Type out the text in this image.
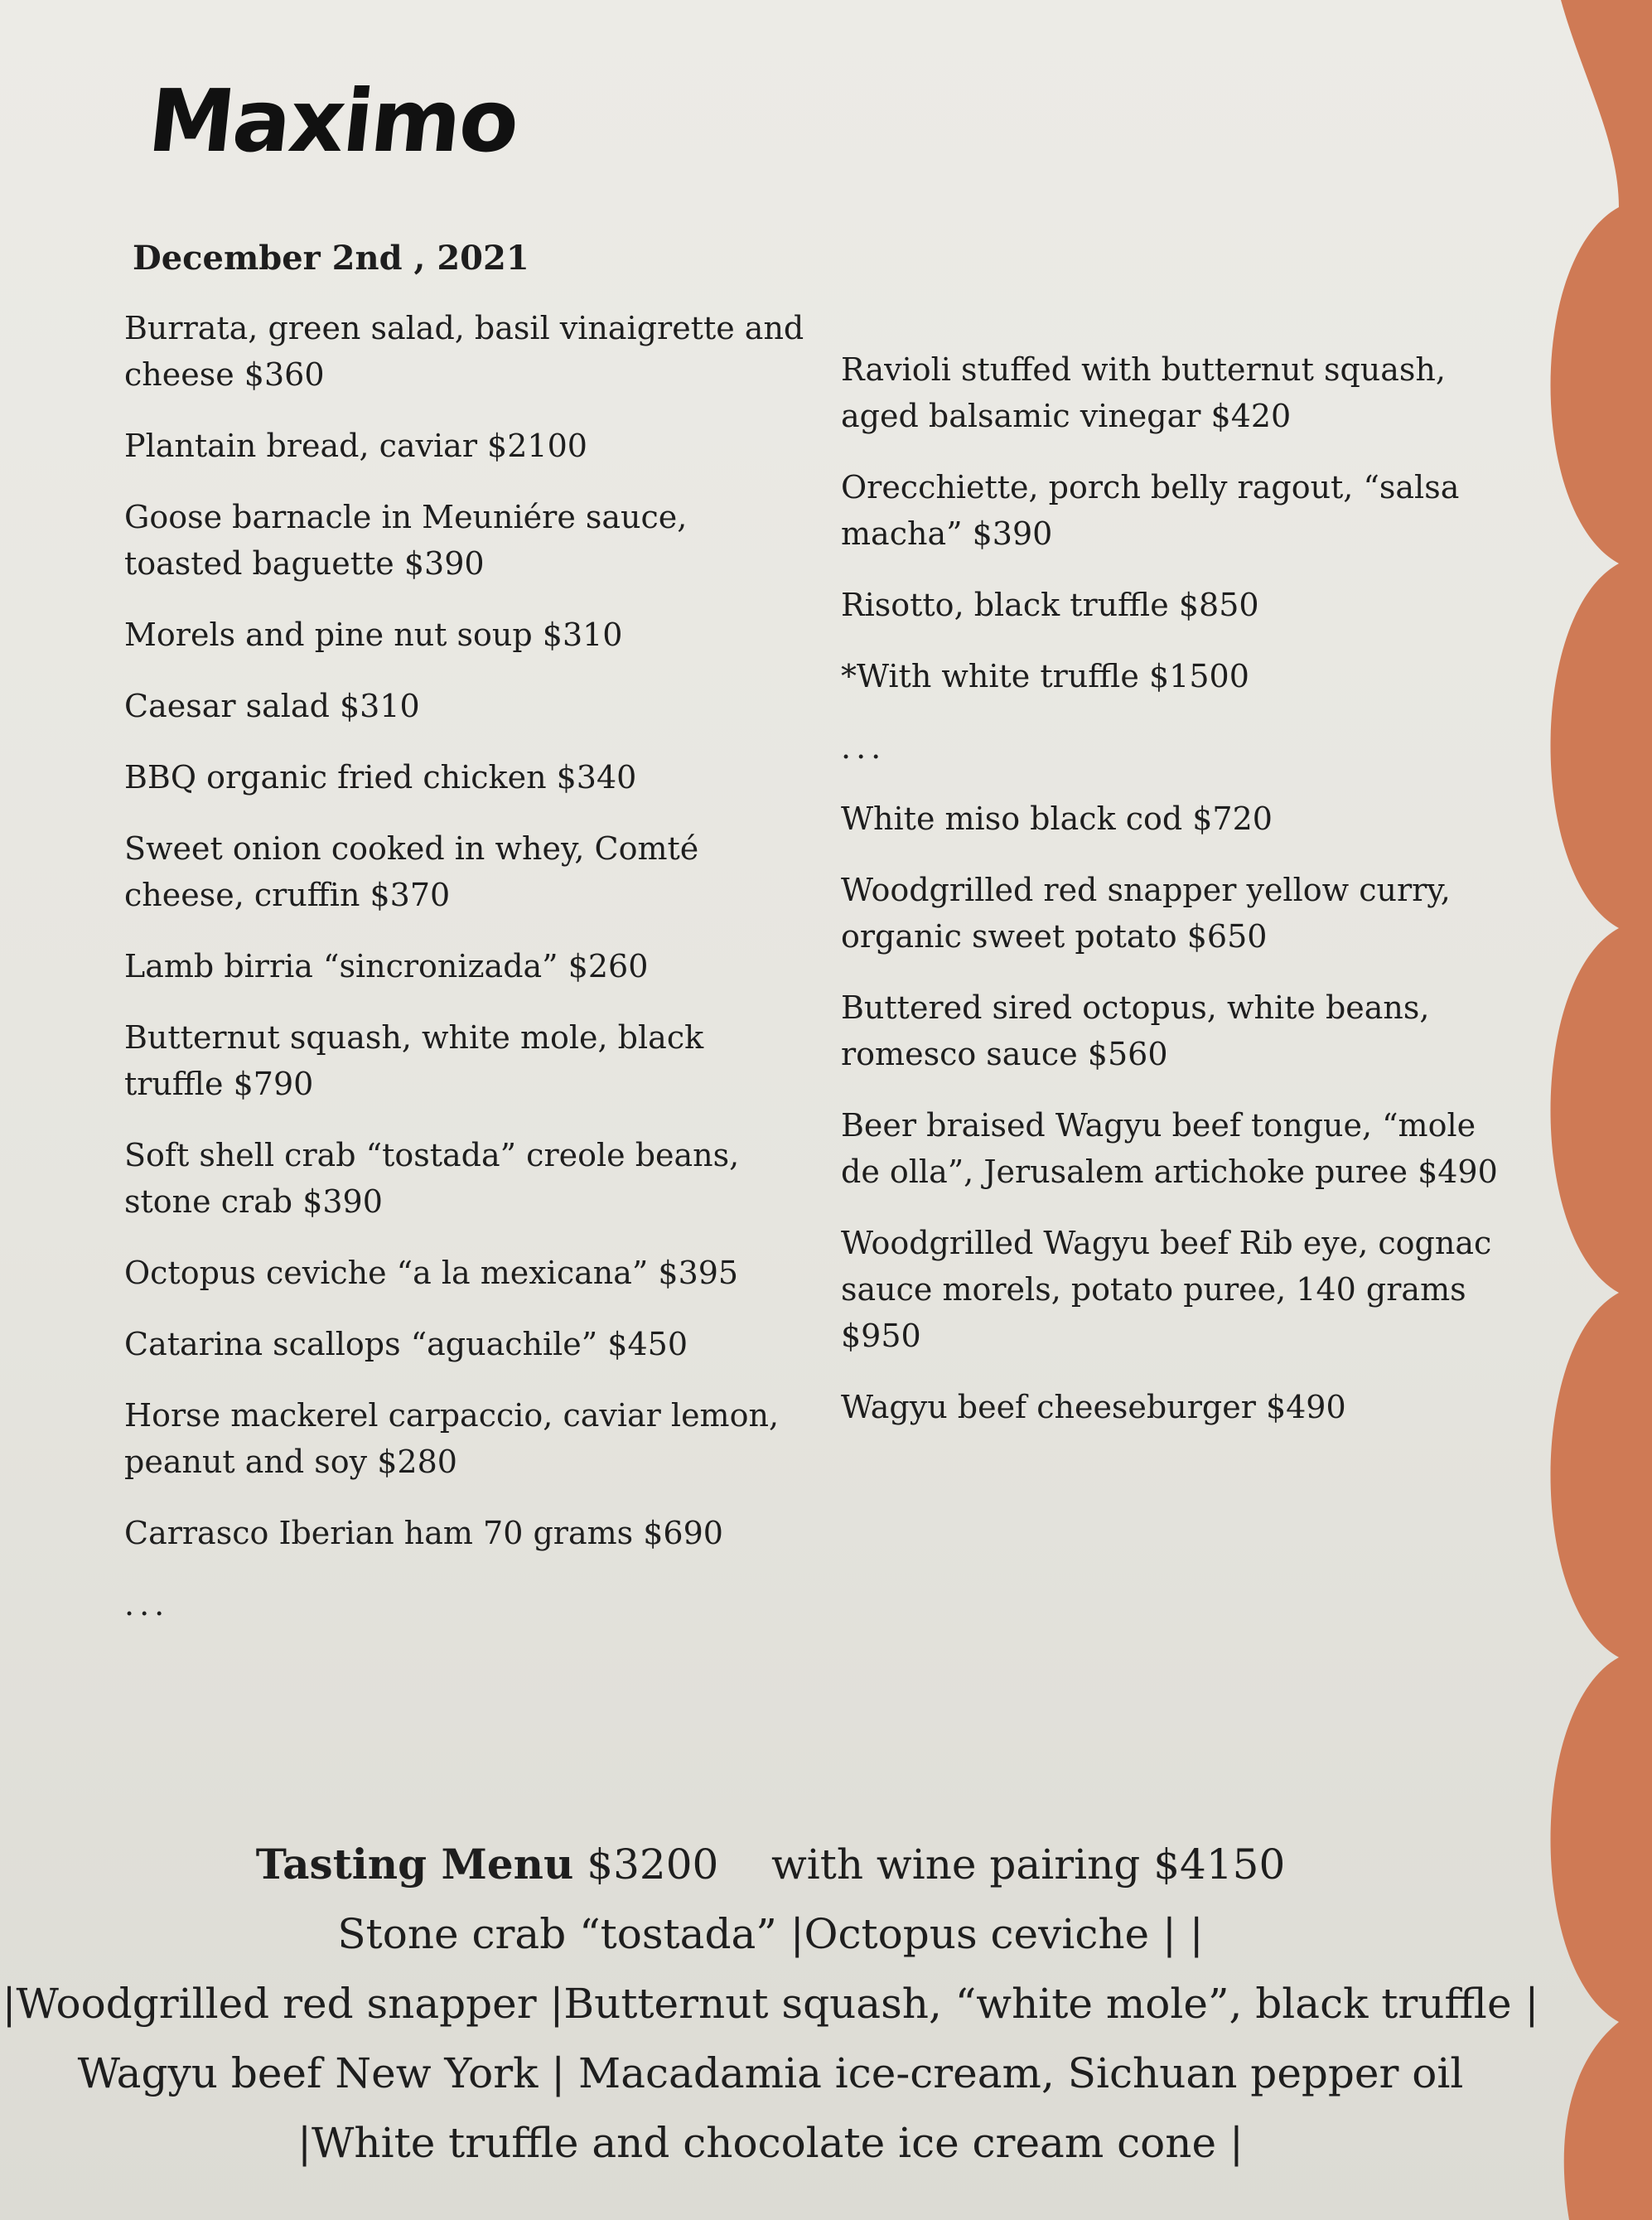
Maximo
December 2nd , 2021
Burrata, green salad, basil vinaigrette and cheese $360
Plantain bread, caviar $2100
Goose barnacle in Meuniére sauce, toasted baguette $390
Morels and pine nut soup $310
Caesar salad $310
BBQ organic fried chicken $340
Sweet onion cooked in whey, Comté cheese, cruffin $370
Lamb birria “sincronizada” $260
Butternut squash, white mole, black truffle $790
Soft shell crab “tostada” creole beans, stone crab $390
Octopus ceviche “a la mexicana” $395
Catarina scallops “aguachile” $450
Horse mackerel carpaccio, caviar lemon, peanut and soy $280
Carrasco Iberian ham 70 grams $690
...
Ravioli stuffed with butternut squash, aged balsamic vinegar $420
Orecchiette, porch belly ragout, “salsa macha” $390
Risotto, black truffle $850
*With white truffle $1500
...
White miso black cod $720
Woodgrilled red snapper yellow curry, organic sweet potato $650
Buttered sired octopus, white beans, romesco sauce $560
Beer braised Wagyu beef tongue, “mole de olla”, Jerusalem artichoke puree $490
Woodgrilled Wagyu beef Rib eye, cognac sauce morels, potato puree, 140 grams $950
Wagyu beef cheeseburger $490
Tasting Menu $3200 with wine pairing $4150
Stone crab “tostada” |Octopus ceviche | |
|Woodgrilled red snapper |Butternut squash, “white mole”, black truffle |
Wagyu beef New York | Macadamia ice-cream, Sichuan pepper oil
|White truffle and chocolate ice cream cone |
